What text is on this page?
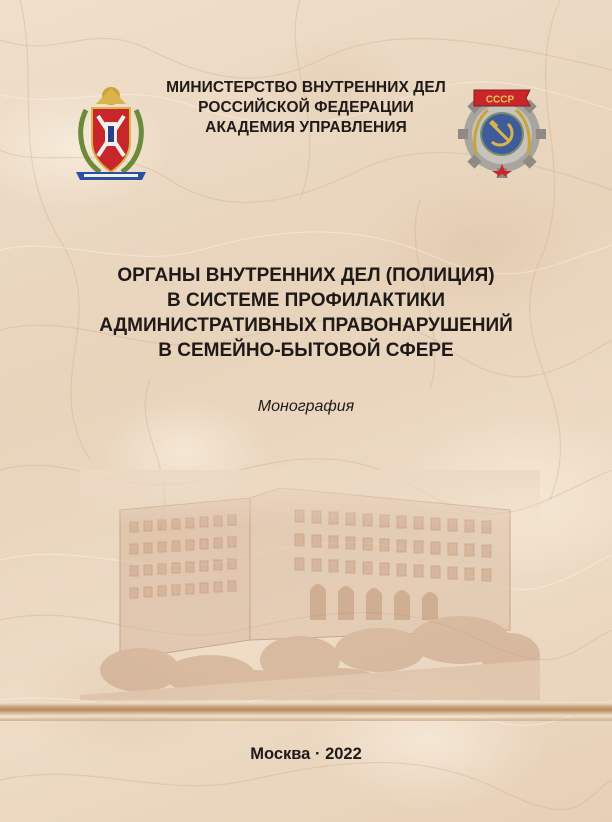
МИНИСТЕРСТВО ВНУТРЕННИХ ДЕЛ
РОССИЙСКОЙ ФЕДЕРАЦИИ
АКАДЕМИЯ УПРАВЛЕНИЯ
СССР
ОРГАНЫ ВНУТРЕННИХ ДЕЛ (ПОЛИЦИЯ)
В СИСТЕМЕ ПРОФИЛАКТИКИ
АДМИНИСТРАТИВНЫХ ПРАВОНАРУШЕНИЙ
В СЕМЕЙНО-БЫТОВОЙ СФЕРЕ
Монография
Москва · 2022
